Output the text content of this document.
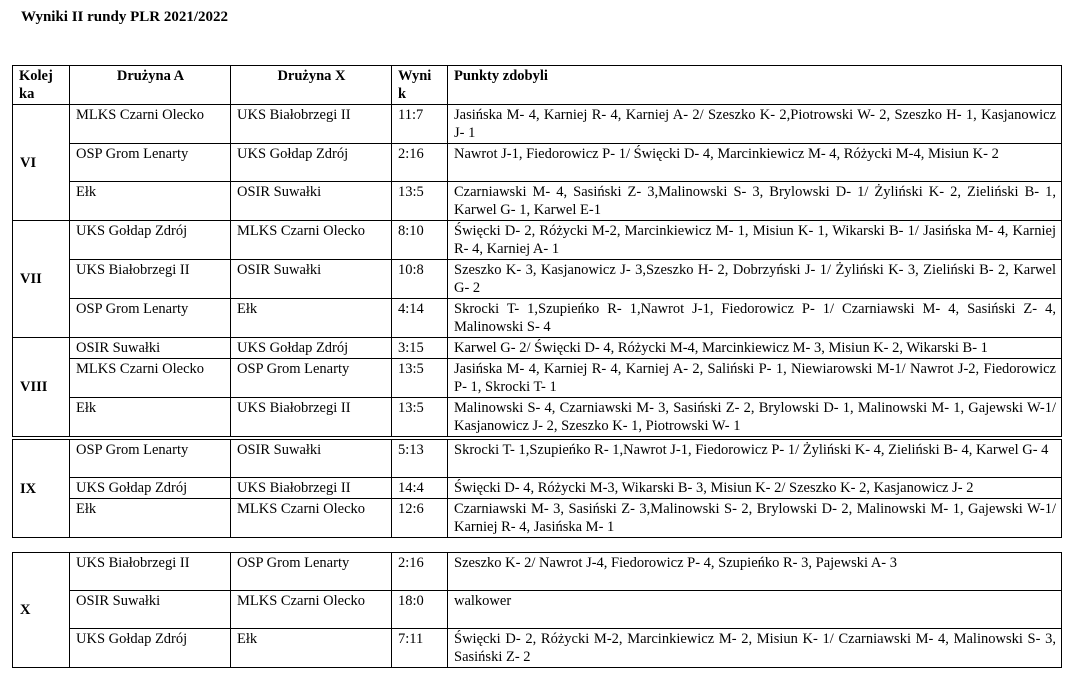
Wyniki II rundy PLR 2021/2022
Kolej
ka	Drużyna A	Drużyna X	Wyni
k	Punkty zdobyli
VI	MLKS Czarni Olecko	UKS Białobrzegi II	11:7	Jasińska M- 4, Karniej R- 4, Karniej A- 2/ Szeszko K- 2,Piotrowski W- 2, Szeszko H- 1, Kasjanowicz J- 1
	OSP Grom Lenarty	UKS Gołdap Zdrój	2:16	Nawrot J-1, Fiedorowicz P- 1/ Święcki D- 4, Marcinkiewicz M- 4, Różycki M-4, Misiun K- 2
	Ełk	OSIR Suwałki	13:5	Czarniawski M- 4, Sasiński Z- 3,Malinowski S- 3, Brylowski D- 1/ Żyliński K- 2, Zieliński B- 1, Karwel G- 1, Karwel E-1
VII	UKS Gołdap Zdrój	MLKS Czarni Olecko	8:10	Święcki D- 2, Różycki M-2, Marcinkiewicz M- 1, Misiun K- 1, Wikarski B- 1/ Jasińska M- 4, Karniej R- 4, Karniej A- 1
	UKS Białobrzegi II	OSIR Suwałki	10:8	Szeszko K- 3, Kasjanowicz J- 3,Szeszko H- 2, Dobrzyński J- 1/ Żyliński K- 3, Zieliński B- 2, Karwel G- 2
	OSP Grom Lenarty	Ełk	4:14	Skrocki T- 1,Szupieńko R- 1,Nawrot J-1, Fiedorowicz P- 1/ Czarniawski M- 4, Sasiński Z- 4, Malinowski S- 4
VIII	OSIR Suwałki	UKS Gołdap Zdrój	3:15	Karwel G- 2/ Święcki D- 4, Różycki M-4, Marcinkiewicz M- 3, Misiun K- 2, Wikarski B- 1
	MLKS Czarni Olecko	OSP Grom Lenarty	13:5	Jasińska M- 4, Karniej R- 4, Karniej A- 2, Saliński P- 1, Niewiarowski M-1/ Nawrot J-2, Fiedorowicz P- 1, Skrocki T- 1
	Ełk	UKS Białobrzegi II	13:5	Malinowski S- 4, Czarniawski M- 3, Sasiński Z- 2, Brylowski D- 1, Malinowski M- 1, Gajewski W-1/ Kasjanowicz J- 2, Szeszko K- 1, Piotrowski W- 1
IX	OSP Grom Lenarty	OSIR Suwałki	5:13	Skrocki T- 1,Szupieńko R- 1,Nawrot J-1, Fiedorowicz P- 1/ Żyliński K- 4, Zieliński B- 4, Karwel G- 4
	UKS Gołdap Zdrój	UKS Białobrzegi II	14:4	Święcki D- 4, Różycki M-3, Wikarski B- 3, Misiun K- 2/ Szeszko K- 2, Kasjanowicz J- 2
	Ełk	MLKS Czarni Olecko	12:6	Czarniawski M- 3, Sasiński Z- 3,Malinowski S- 2, Brylowski D- 2, Malinowski M- 1, Gajewski W-1/ Karniej R- 4, Jasińska M- 1
X	UKS Białobrzegi II	OSP Grom Lenarty	2:16	Szeszko K- 2/ Nawrot J-4, Fiedorowicz P- 4, Szupieńko R- 3, Pajewski A- 3
	OSIR Suwałki	MLKS Czarni Olecko	18:0	walkower
	UKS Gołdap Zdrój	Ełk	7:11	Święcki D- 2, Różycki M-2, Marcinkiewicz M- 2, Misiun K- 1/ Czarniawski M- 4, Malinowski S- 3, Sasiński Z- 2
